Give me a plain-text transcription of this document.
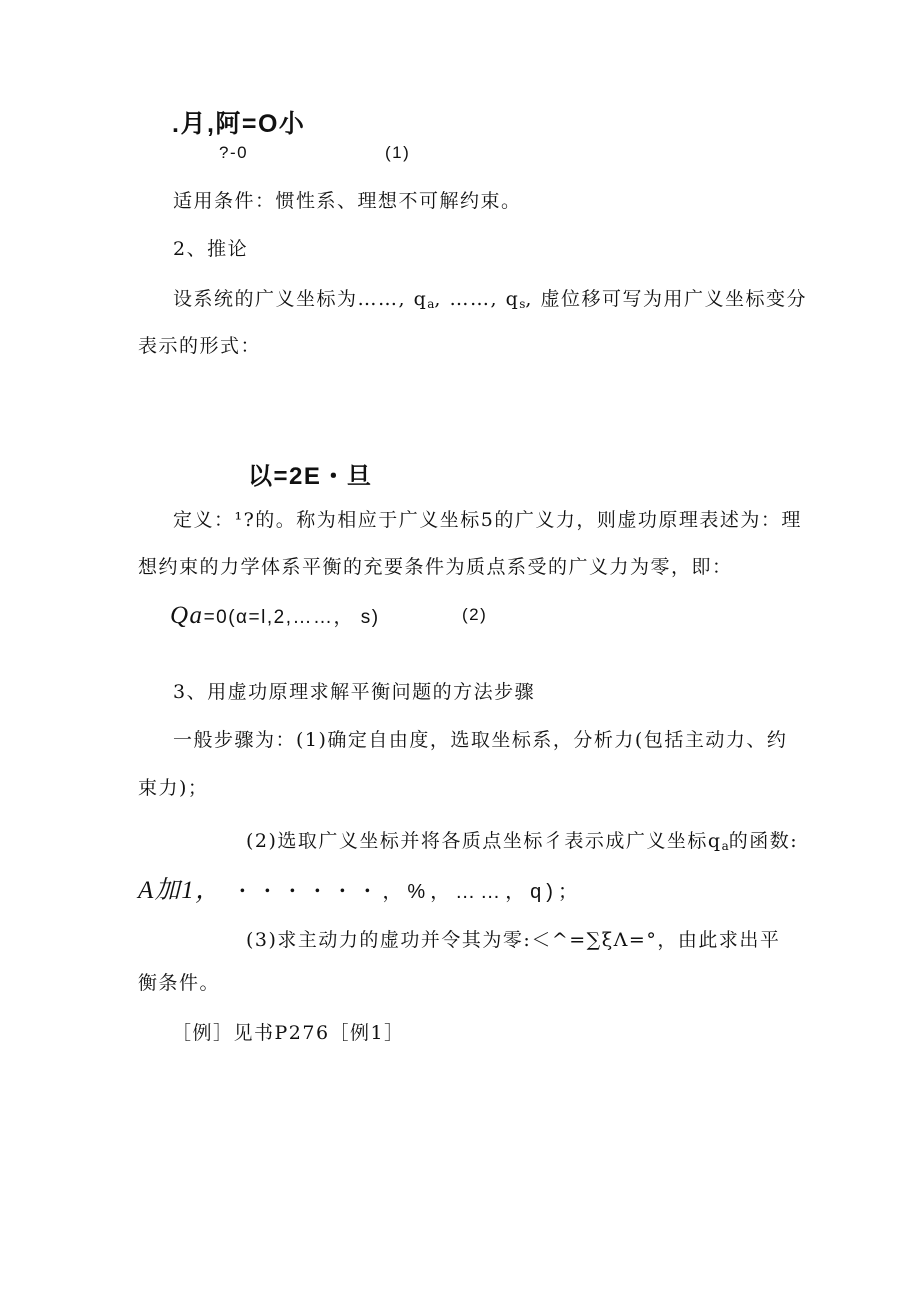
.月,阿=O小
?-0	(1)
适用条件：惯性系、理想不可解约束。
2、推论
设系统的广义坐标为……, $q_a$, ……, $q_s$, 虚位移可写为用广义坐标变分
表示的形式：
以=2E・旦
定义：¹?的。称为相应于广义坐标5的广义力，则虚功原理表述为：理
想约束的力学体系平衡的充要条件为质点系受的广义力为零，即：
Qa=0(α=l,2,……， s)	(2)
3、用虚功原理求解平衡问题的方法步骤
一般步骤为：(1)确定自由度，选取坐标系，分析力(包括主动力、约
束力)；
(2)选取广义坐标并将各质点坐标彳表示成广义坐标$q_a$的函数:
A加1， ・・・・・・，%，……，q)；
(3)求主动力的虚功并令其为零:＜^=∑ξΛ=°，由此求出平
衡条件。
［例］见书P276［例1］
